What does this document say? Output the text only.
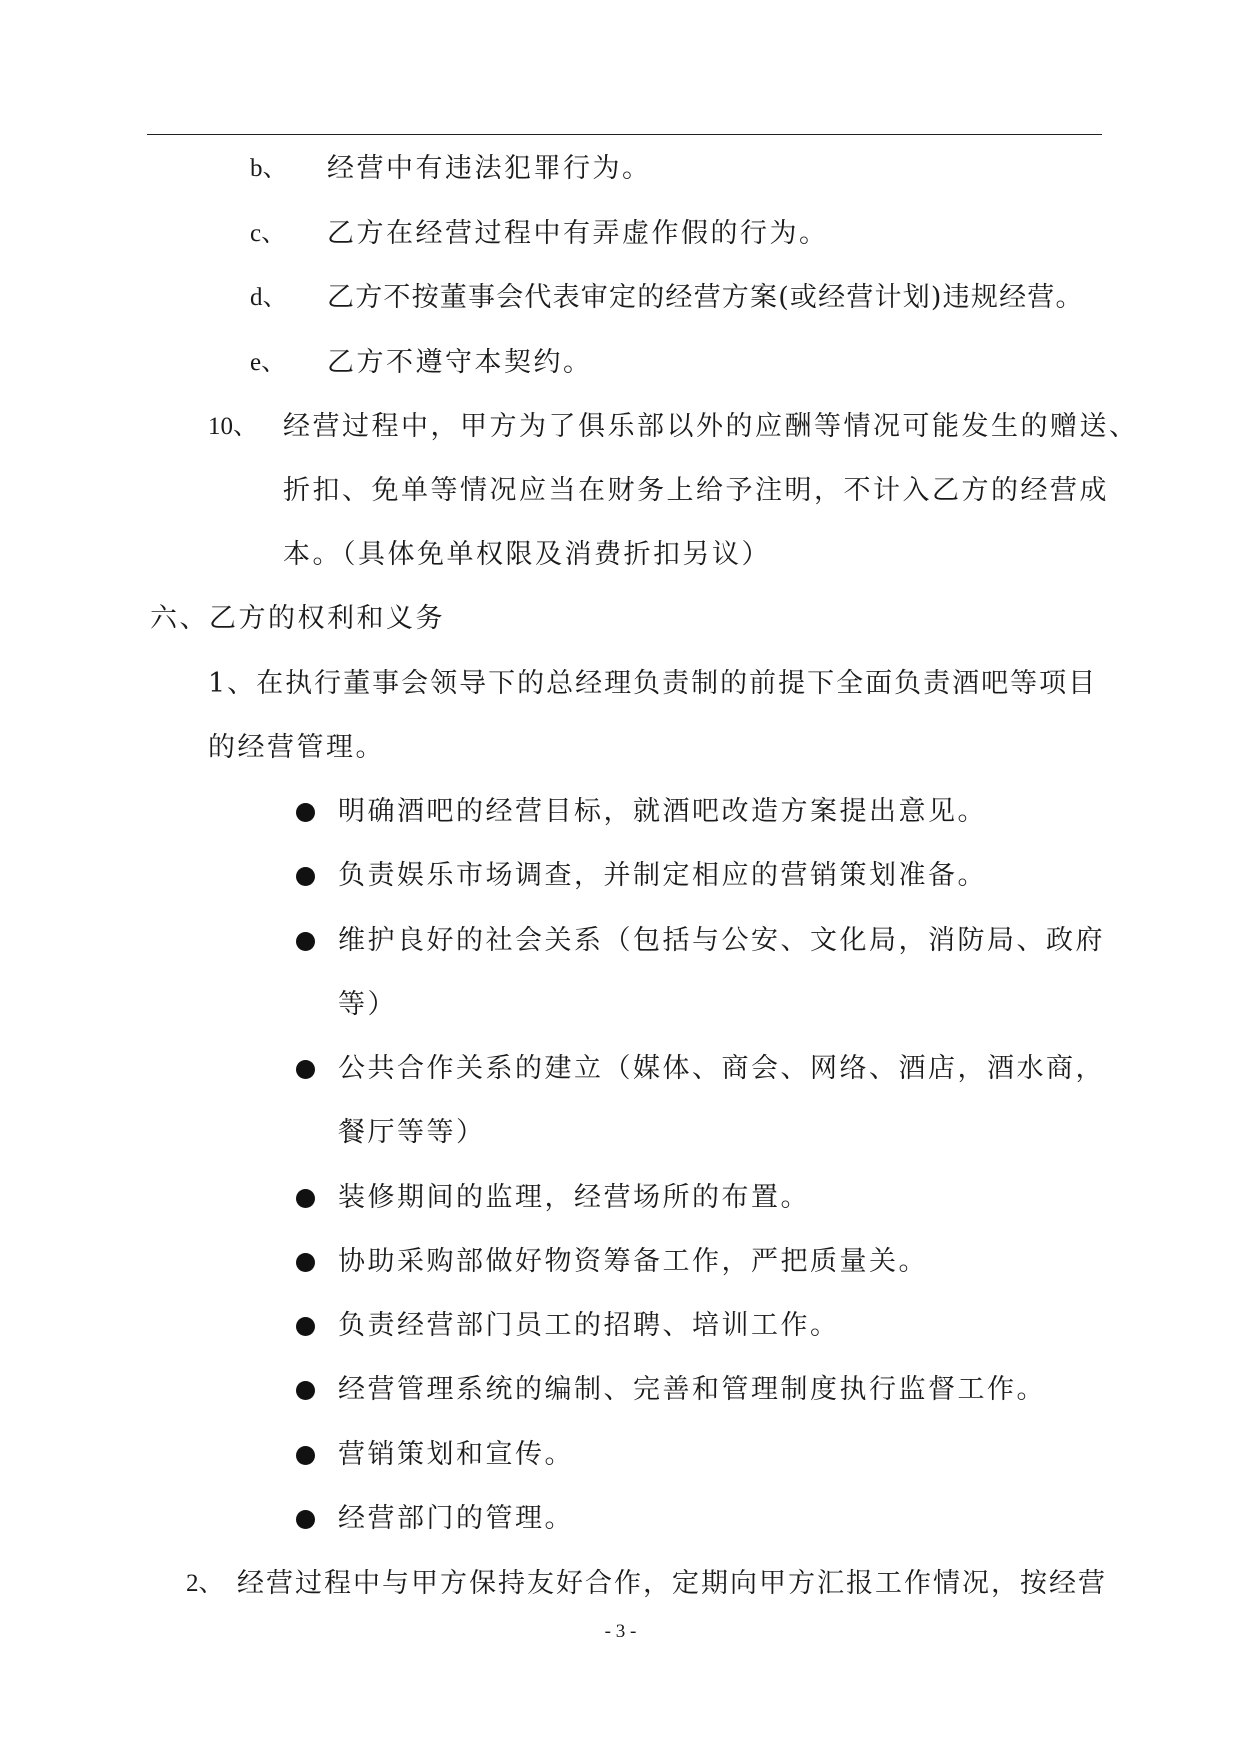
b、 经营中有违法犯罪行为。
c、 乙方在经营过程中有弄虚作假的行为。
d、 乙方不按董事会代表审定的经营方案(或经营计划)违规经营。
e、 乙方不遵守本契约。
10、 经营过程中，甲方为了俱乐部以外的应酬等情况可能发生的赠送、
折扣、免单等情况应当在财务上给予注明，不计入乙方的经营成
本。（具体免单权限及消费折扣另议）
六、乙方的权利和义务
1、在执行董事会领导下的总经理负责制的前提下全面负责酒吧等项目
的经营管理。
明确酒吧的经营目标，就酒吧改造方案提出意见。
负责娱乐市场调查，并制定相应的营销策划准备。
维护良好的社会关系（包括与公安、文化局，消防局、政府
等）
公共合作关系的建立（媒体、商会、网络、酒店，酒水商，
餐厅等等）
装修期间的监理，经营场所的布置。
协助采购部做好物资筹备工作，严把质量关。
负责经营部门员工的招聘、培训工作。
经营管理系统的编制、完善和管理制度执行监督工作。
营销策划和宣传。
经营部门的管理。
2、 经营过程中与甲方保持友好合作，定期向甲方汇报工作情况，按经营
- 3 -
